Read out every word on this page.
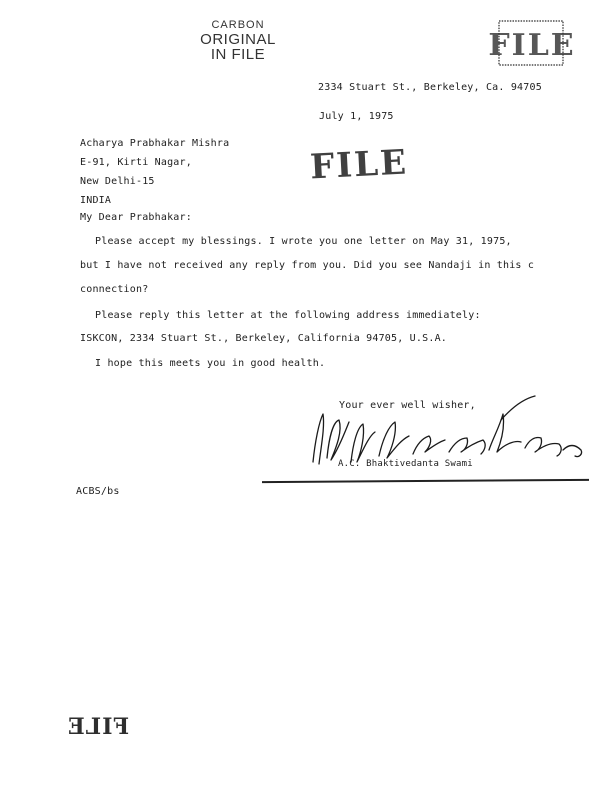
CARBON
ORIGINAL
IN FILE	FILE
FILE
2334 Stuart St., Berkeley, Ca. 94705
July 1, 1975
Acharya Prabhakar Mishra
E-91, Kirti Nagar,
New Delhi-15
INDIA
My Dear Prabhakar:
Please accept my blessings. I wrote you one letter on May 31, 1975,
but I have not received any reply from you. Did you see Nandaji in this c
connection?
Please reply this letter at the following address immediately:
ISKCON, 2334 Stuart St., Berkeley, California 94705, U.S.A.
I hope this meets you in good health.
Your ever well wisher,
A.C. Bhaktivedanta Swami
ACBS/bs
FILE
